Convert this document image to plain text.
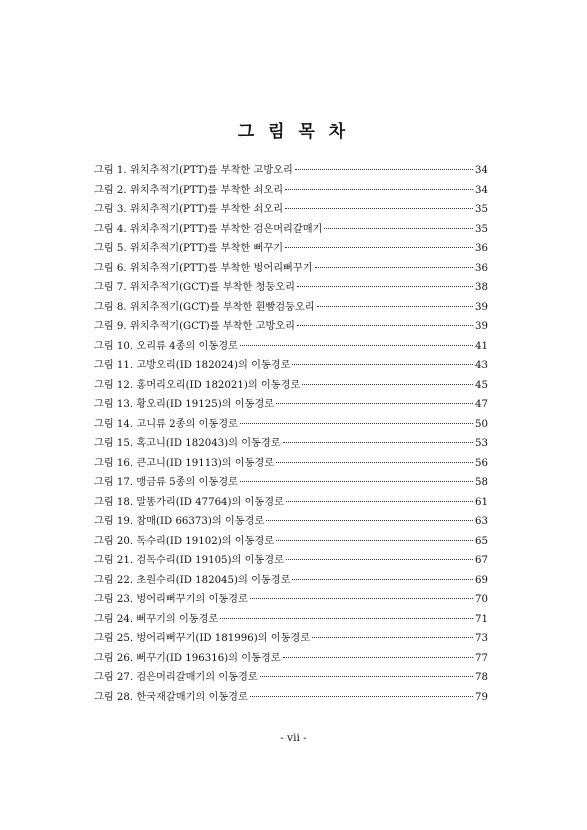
그 림 목 차
그림 1. 위치추적기(PTT)를 부착한 고방오리	34
그림 2. 위치추적기(PTT)를 부착한 쇠오리	34
그림 3. 위치추적기(PTT)를 부착한 쇠오리	35
그림 4. 위치추적기(PTT)를 부착한 검은머리갈매기	35
그림 5. 위치추적기(PTT)를 부착한 뻐꾸기	36
그림 6. 위치추적기(PTT)를 부착한 벙어리뻐꾸기	36
그림 7. 위치추적기(GCT)를 부착한 청둥오리	38
그림 8. 위치추적기(GCT)를 부착한 흰빰검둥오리	39
그림 9. 위치추적기(GCT)를 부착한 고방오리	39
그림 10. 오리류 4종의 이동경로	41
그림 11. 고방오리(ID 182024)의 이동경로	43
그림 12. 홍머리오리(ID 182021)의 이동경로	45
그림 13. 황오리(ID 19125)의 이동경로	47
그림 14. 고니류 2종의 이동경로	50
그림 15. 혹고니(ID 182043)의 이동경로	53
그림 16. 큰고니(ID 19113)의 이동경로	56
그림 17. 맹금류 5종의 이동경로	58
그림 18. 말똥가리(ID 47764)의 이동경로	61
그림 19. 참매(ID 66373)의 이동경로	63
그림 20. 독수리(ID 19102)의 이동경로	65
그림 21. 검독수리(ID 19105)의 이동경로	67
그림 22. 초원수리(ID 182045)의 이동경로	69
그림 23. 벙어리뻐꾸기의 이동경로	70
그림 24. 뻐꾸기의 이동경로	71
그림 25. 벙어리뻐꾸기(ID 181996)의 이동경로	73
그림 26. 뻐꾸기(ID 196316)의 이동경로	77
그림 27. 검은머리갈매기의 이동경로	78
그림 28. 한국재갈매기의 이동경로	79
- vii -
